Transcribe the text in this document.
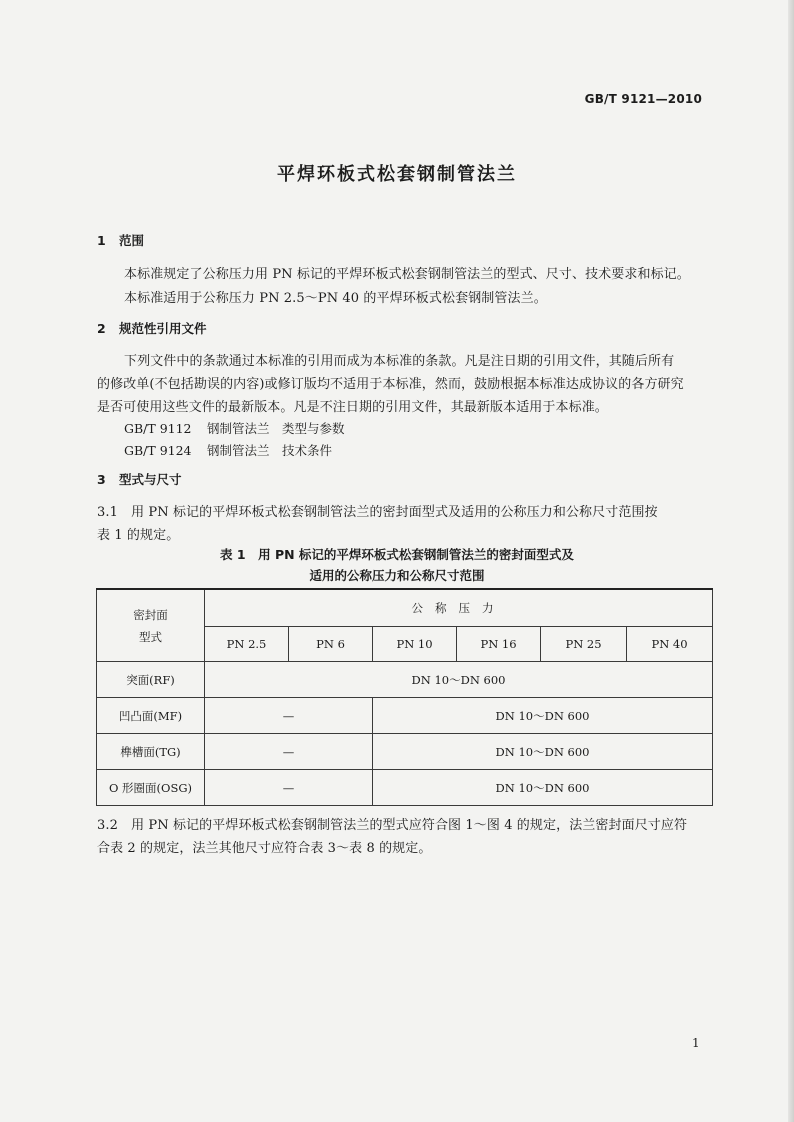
GB/T 9121—2010
平焊环板式松套钢制管法兰
1 范围
本标准规定了公称压力用 PN 标记的平焊环板式松套钢制管法兰的型式、尺寸、技术要求和标记。
本标准适用于公称压力 PN 2.5～PN 40 的平焊环板式松套钢制管法兰。
2 规范性引用文件
下列文件中的条款通过本标准的引用而成为本标准的条款。凡是注日期的引用文件，其随后所有
的修改单(不包括勘误的内容)或修订版均不适用于本标准，然而，鼓励根据本标准达成协议的各方研究
是否可使用这些文件的最新版本。凡是不注日期的引用文件，其最新版本适用于本标准。
GB/T 9112 钢制管法兰　类型与参数
GB/T 9124 钢制管法兰　技术条件
3 型式与尺寸
3.1　用 PN 标记的平焊环板式松套钢制管法兰的密封面型式及适用的公称压力和公称尺寸范围按
表 1 的规定。
表 1　用 PN 标记的平焊环板式松套钢制管法兰的密封面型式及
适用的公称压力和公称尺寸范围
密封面
型式	公称压力					
	PN 2.5	PN 6	PN 10	PN 16	PN 25	PN 40
突面(RF)	DN 10～DN 600					
凹凸面(MF)	—		DN 10～DN 600			
榫槽面(TG)	—		DN 10～DN 600			
O 形圈面(OSG)	—		DN 10～DN 600			
3.2　用 PN 标记的平焊环板式松套钢制管法兰的型式应符合图 1～图 4 的规定，法兰密封面尺寸应符
合表 2 的规定，法兰其他尺寸应符合表 3～表 8 的规定。
1
